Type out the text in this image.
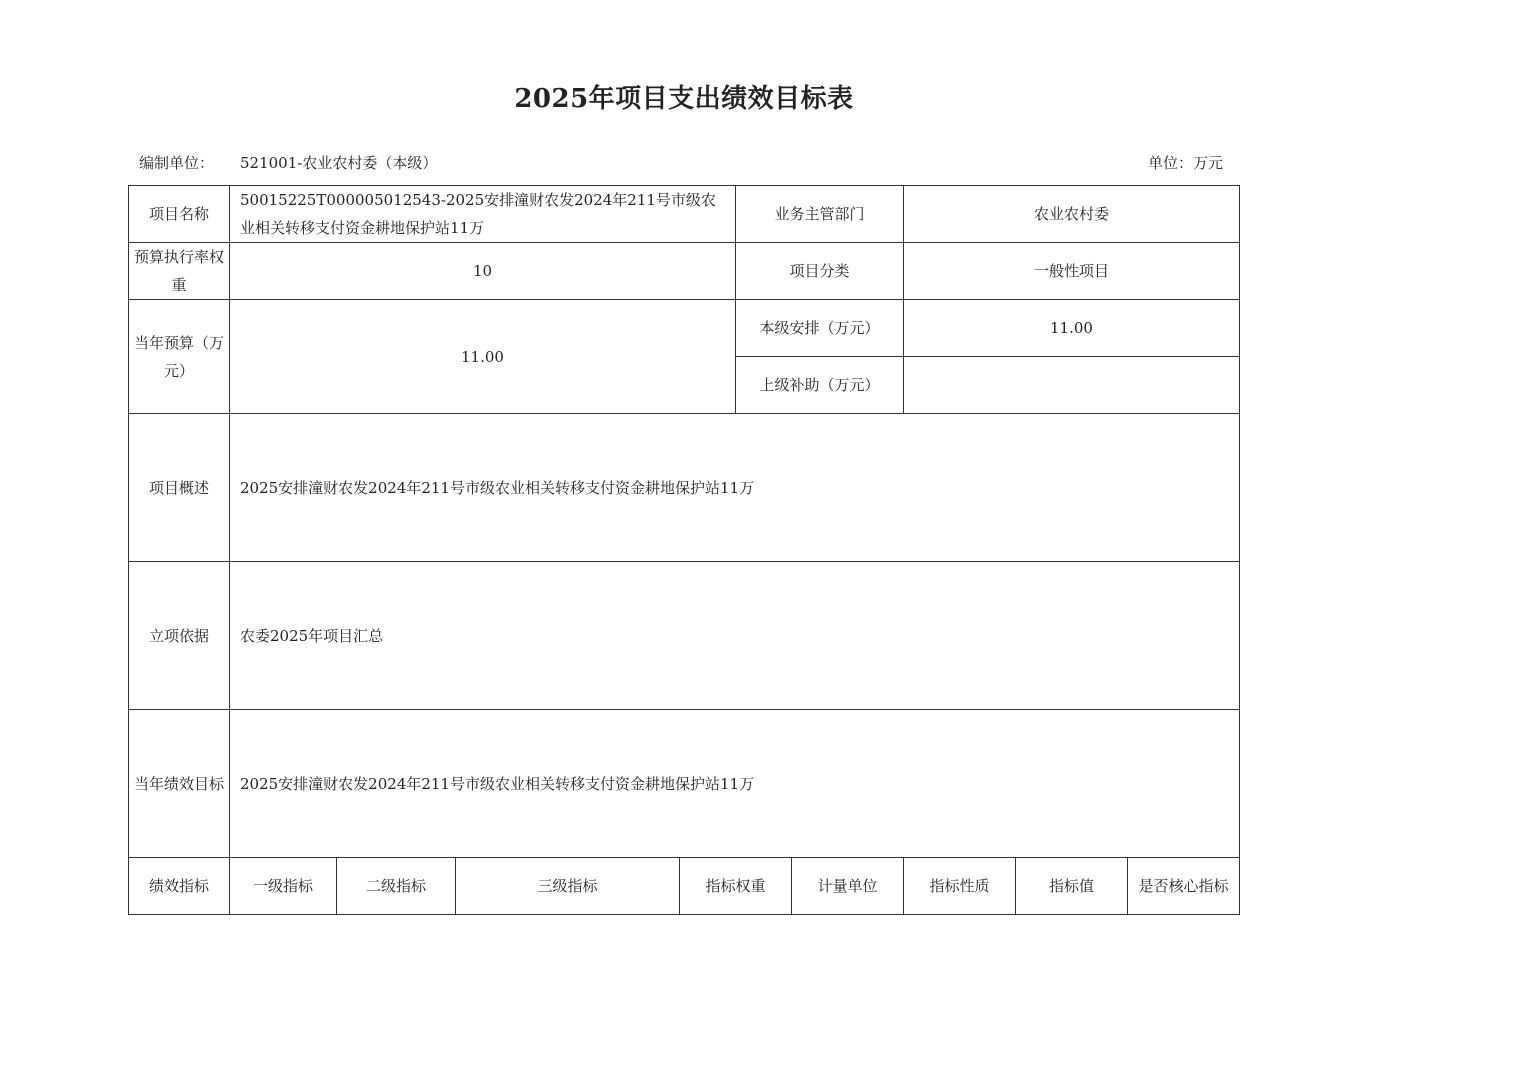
2025年项目支出绩效目标表
编制单位： 521001-农业农村委（本级）	单位：万元
项目名称	50015225T000005012543-2025安排潼财农发2024年211号市级农业相关转移支付资金耕地保护站11万				业务主管部门		农业农村委		
预算执行率权重	10				项目分类		一般性项目		
当年预算（万元）	11.00				本级安排（万元）		11.00		
					上级补助（万元）				
项目概述	2025安排潼财农发2024年211号市级农业相关转移支付资金耕地保护站11万								
立项依据	农委2025年项目汇总								
当年绩效目标	2025安排潼财农发2024年211号市级农业相关转移支付资金耕地保护站11万								
绩效指标	一级指标	二级指标	三级指标	指标权重		计量单位	指标性质	指标值	是否核心指标
